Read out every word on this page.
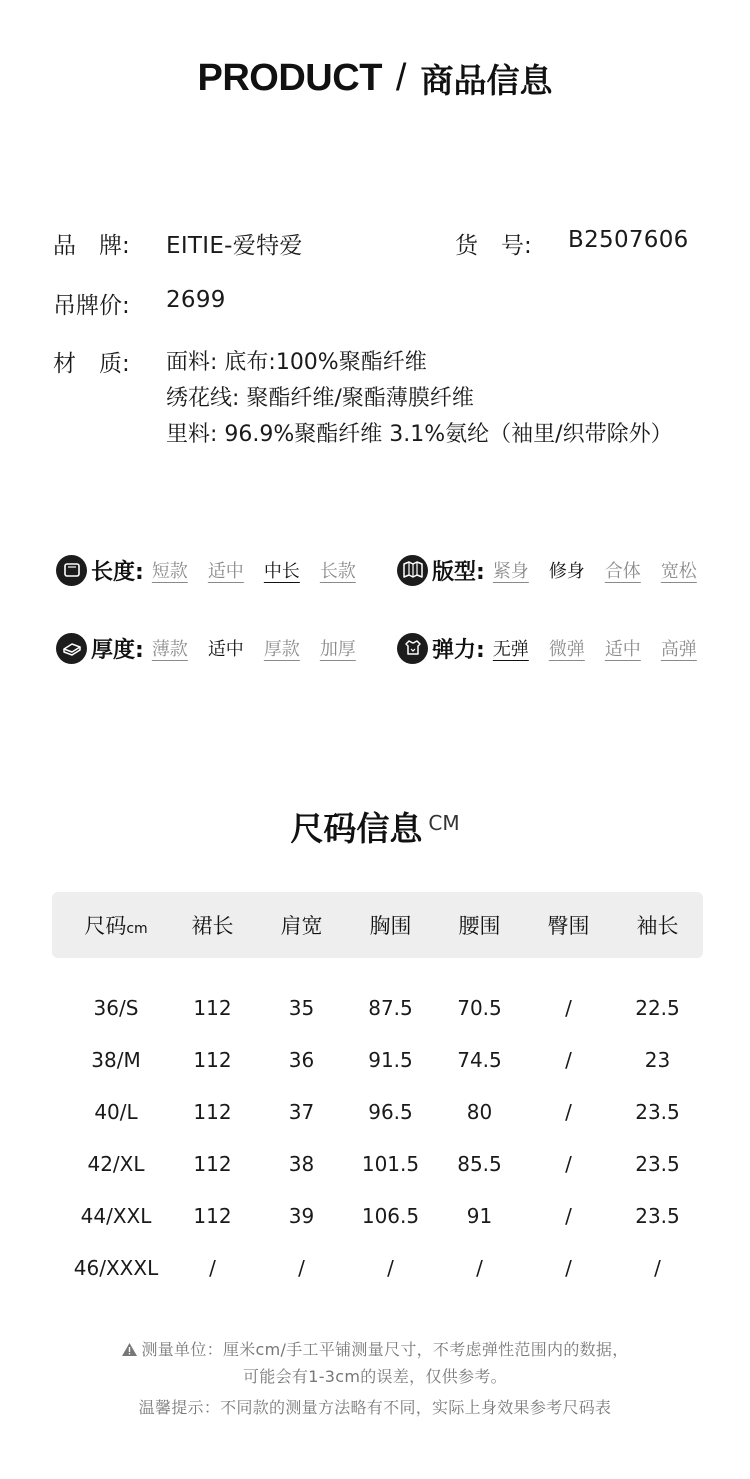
PRODUCT / 商品信息
品　牌: EITIE-爱特爱	货　号: B2507606
吊牌价: 2699
材　质: 面料: 底布:100%聚酯纤维
绣花线: 聚酯纤维/聚酯薄膜纤维
里料: 96.9%聚酯纤维 3.1%氨纶（袖里/织带除外）
长度: 短款 适中 中长 长款	版型: 紧身 修身 合体 宽松
厚度: 薄款 适中 厚款 加厚	弹力: 无弹 微弹 适中 高弹
尺码信息 CM
尺码cm	裙长	肩宽	胸围	腰围	臀围	袖长
36/S	112	35	87.5	70.5	/	22.5
38/M	112	36	91.5	74.5	/	23
40/L	112	37	96.5	80	/	23.5
42/XL	112	38	101.5	85.5	/	23.5
44/XXL	112	39	106.5	91	/	23.5
46/XXXL	/	/	/	/	/	/
测量单位：厘米cm/手工平铺测量尺寸，不考虑弹性范围内的数据，
可能会有1-3cm的误差，仅供参考。
温馨提示：不同款的测量方法略有不同，实际上身效果参考尺码表
